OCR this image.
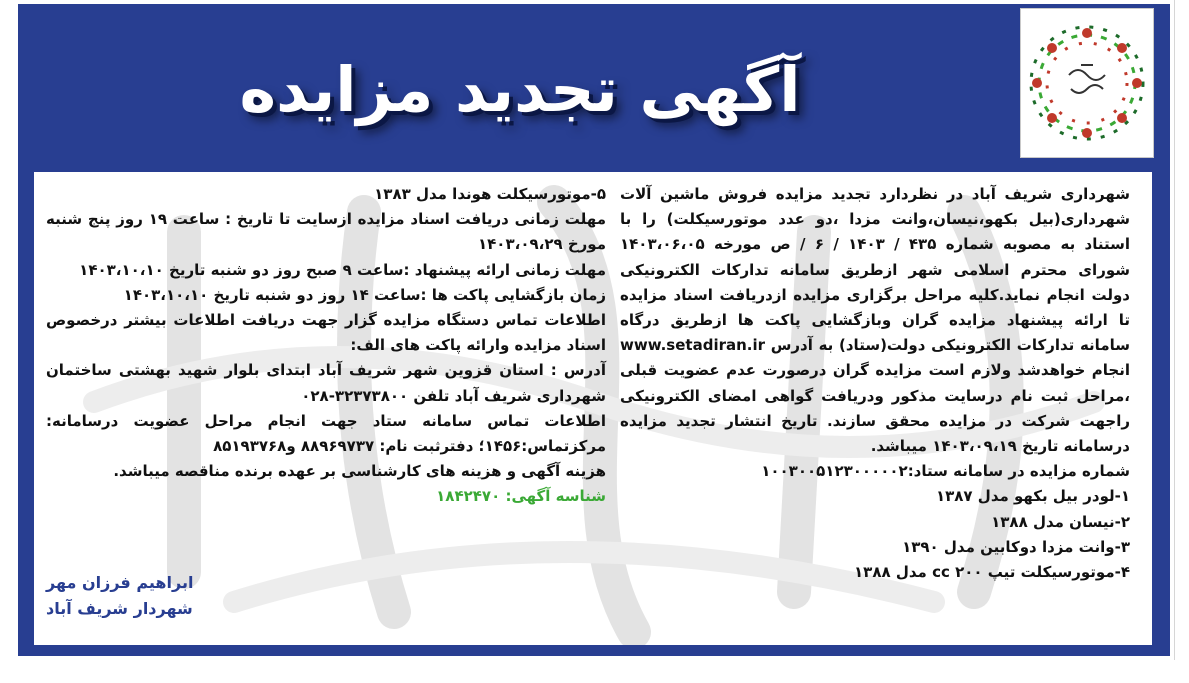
آگهی تجدید مزایده

شهرداری شریف آباد در نظردارد تجدید مزایده فروش ماشین آلات شهرداری(بیل بکهو،نیسان،وانت مزدا ،دو عدد موتورسیکلت) را با استناد به مصوبه شماره ۴۳۵ / ۱۴۰۳ / ۶ / ص مورخه ۱۴۰۳،۰۶،۰۵ شورای محترم اسلامی شهر ازطریق سامانه تدارکات الکترونیکی دولت انجام نماید.کلیه مراحل برگزاری مزایده ازدریافت اسناد مزایده تا ارائه پیشنهاد مزایده گران وبازگشایی پاکت ها ازطریق درگاه سامانه تدارکات الکترونیکی دولت(ستاد) به آدرس www.setadiran.ir انجام خواهدشد ولازم است مزایده گران درصورت عدم عضویت قبلی ،مراحل ثبت نام درسایت مذکور ودریافت گواهی امضای الکترونیکی راجهت شرکت در مزایده محقق سازند. تاریخ انتشار تجدید مزایده درسامانه تاریخ ۱۴۰۳،۰۹،۱۹ میباشد.

شماره مزایده در سامانه ستاد:۱۰۰۳۰۰۵۱۲۳۰۰۰۰۰۲

۱-لودر بیل بکهو مدل ۱۳۸۷

۲-نیسان مدل ۱۳۸۸

۳-وانت مزدا دوکابین مدل ۱۳۹۰

۴-موتورسیکلت تیپ ۲۰۰ cc مدل ۱۳۸۸

۵-موتورسیکلت هوندا مدل ۱۳۸۳

مهلت زمانی دریافت اسناد مزایده ازسایت تا تاریخ : ساعت ۱۹ روز پنج شنبه مورخ ۱۴۰۳،۰۹،۲۹

مهلت زمانی ارائه پیشنهاد :ساعت ۹ صبح روز دو شنبه تاریخ ۱۴۰۳،۱۰،۱۰

زمان بازگشایی پاکت ها :ساعت ۱۴ روز دو شنبه تاریخ ۱۴۰۳،۱۰،۱۰

اطلاعات تماس دستگاه مزایده گزار جهت دریافت اطلاعات بیشتر درخصوص اسناد مزایده وارائه پاکت های الف:

آدرس : استان قزوین شهر شریف آباد ابتدای بلوار شهید بهشتی ساختمان شهرداری شریف آباد تلفن ۳۲۳۷۳۸۰۰-۰۲۸

اطلاعات تماس سامانه ستاد جهت انجام مراحل عضویت درسامانه: مرکزتماس:۱۴۵۶؛ دفترثبت نام: ۸۸۹۶۹۷۳۷ و۸۵۱۹۳۷۶۸

هزینه آگهی و هزینه های کارشناسی بر عهده برنده مناقصه میباشد.

شناسه آگهی: ۱۸۴۲۴۷۰

ابراهیم فرزان مهر
شهردار شریف آباد
